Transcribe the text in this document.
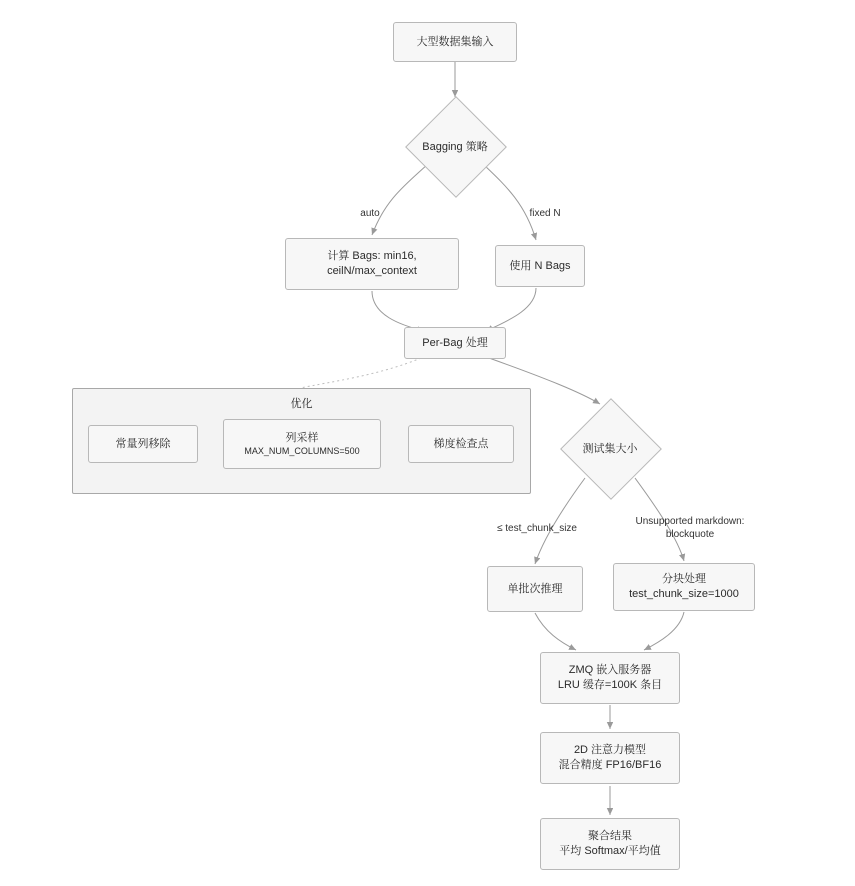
大型数据集输入
Bagging 策略
auto	fixed N
计算 Bags: min16,
ceilN/max_context	使用 N Bags
Per-Bag 处理
优化
常量列移除
列采样
MAX_NUM_COLUMNS=500
梯度检查点	测试集大小
≤ test_chunk_size
Unsupported markdown:
blockquote
单批次推理
分块处理
test_chunk_size=1000
ZMQ 嵌入服务器
LRU 缓存=100K 条目
2D 注意力模型
混合精度 FP16/BF16
聚合结果
平均 Softmax/平均值
